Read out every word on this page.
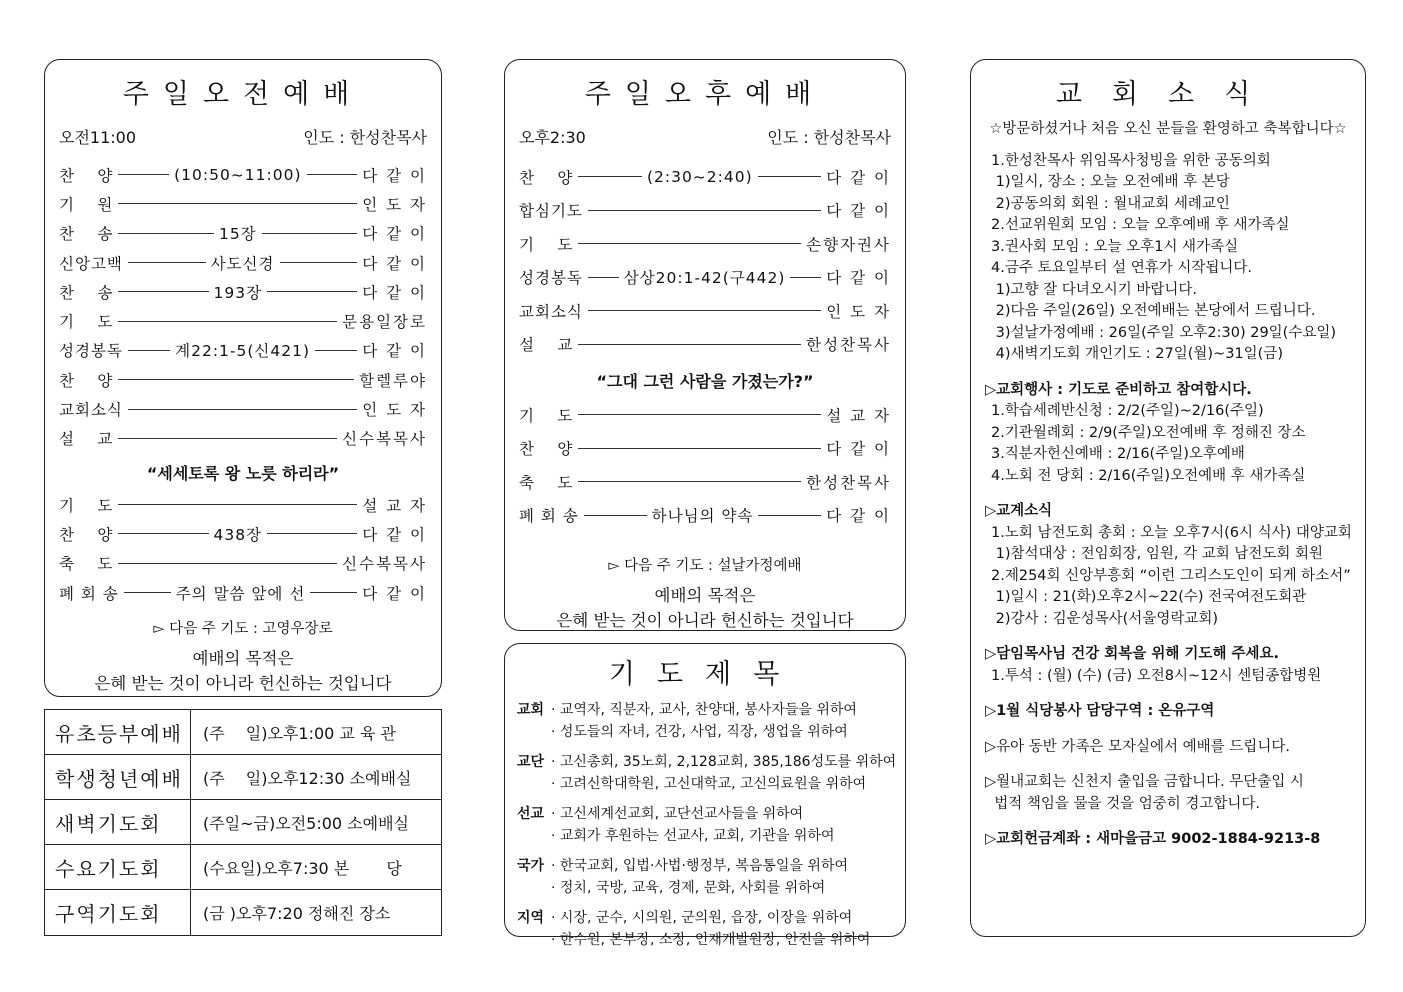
주일오전예배
오전11:00	인도 : 한성찬목사
찬　 양	(10:50~11:00)	다 같 이
기　 원	인 도 자
찬　 송	15장	다 같 이
신앙고백	사도신경	다 같 이
찬　 송	193장	다 같 이
기　 도	문용일장로
성경봉독	계22:1-5(신421)	다 같 이
찬　 양	할렐루야
교회소식	인 도 자
설　 교	신수복목사
“세세토록 왕 노릇 하리라”
기　 도	설 교 자
찬　 양	438장	다 같 이
축　 도	신수복목사
폐 회 송	주의 말씀 앞에 선	다 같 이
▻ 다음 주 기도 : 고영우장로
예배의 목적은
은혜 받는 것이 아니라 헌신하는 것입니다
유초등부예배	(주　 일)오후1:00 교 육 관
학생청년예배	(주　 일)오후12:30 소예배실
새벽기도회	(주일~금)오전5:00 소예배실
수요기도회	(수요일)오후7:30 본　　 당
구역기도회	(금 )오후7:20 정해진 장소
주일오후예배
오후2:30	인도 : 한성찬목사
찬　 양	(2:30~2:40)	다 같 이
합심기도	다 같 이
기　 도	손향자권사
성경봉독	삼상20:1-42(구442)	다 같 이
교회소식	인 도 자
설　 교	한성찬목사
“그대 그런 사람을 가졌는가?”
기　 도	설 교 자
찬　 양	다 같 이
축　 도	한성찬목사
폐 회 송	하나님의 약속	다 같 이
▻ 다음 주 기도 : 설날가정예배
예배의 목적은
은혜 받는 것이 아니라 헌신하는 것입니다
기도제목
교회 · 교역자, 직분자, 교사, 찬양대, 봉사자들을 위하여
· 성도들의 자녀, 건강, 사업, 직장, 생업을 위하여
교단 · 고신총회, 35노회, 2,128교회, 385,186성도를 위하여
· 고려신학대학원, 고신대학교, 고신의료원을 위하여
선교 · 고신세계선교회, 교단선교사들을 위하여
· 교회가 후원하는 선교사, 교회, 기관을 위하여
국가 · 한국교회, 입법·사법·행정부, 복음통일을 위하여
· 정치, 국방, 교육, 경제, 문화, 사회를 위하여
지역 · 시장, 군수, 시의원, 군의원, 읍장, 이장을 위하여
· 한수원, 본부장, 소장, 인재개발원장, 안전을 위하여
교회소식
☆방문하셨거나 처음 오신 분들을 환영하고 축복합니다☆
1.한성찬목사 위임목사청빙을 위한 공동의회
1)일시, 장소 : 오늘 오전예배 후 본당
2)공동의회 회원 : 월내교회 세례교인
2.선교위원회 모임 : 오늘 오후예배 후 새가족실
3.권사회 모임 : 오늘 오후1시 새가족실
4.금주 토요일부터 설 연휴가 시작됩니다.
1)고향 잘 다녀오시기 바랍니다.
2)다음 주일(26일) 오전예배는 본당에서 드립니다.
3)설날가정예배 : 26일(주일 오후2:30) 29일(수요일)
4)새벽기도회 개인기도 : 27일(월)~31일(금)
▷교회행사 : 기도로 준비하고 참여합시다.
1.학습세례반신청 : 2/2(주일)~2/16(주일)
2.기관월례회 : 2/9(주일)오전예배 후 정해진 장소
3.직분자헌신예배 : 2/16(주일)오후예배
4.노회 전 당회 : 2/16(주일)오전예배 후 새가족실
▷교계소식
1.노회 남전도회 총회 : 오늘 오후7시(6시 식사) 대양교회
1)참석대상 : 전임회장, 임원, 각 교회 남전도회 회원
2.제254회 신앙부흥회 “이런 그리스도인이 되게 하소서”
1)일시 : 21(화)오후2시~22(수) 전국여전도회관
2)강사 : 김운성목사(서울영락교회)
▷담임목사님 건강 회복을 위해 기도해 주세요.
1.투석 : (월) (수) (금) 오전8시~12시 센텀종합병원
▷1월 식당봉사 담당구역 : 온유구역
▷유아 동반 가족은 모자실에서 예배를 드립니다.
▷월내교회는 신천지 출입을 금합니다. 무단출입 시
법적 책임을 물을 것을 엄중히 경고합니다.
▷교회헌금계좌 : 새마을금고 9002-1884-9213-8
